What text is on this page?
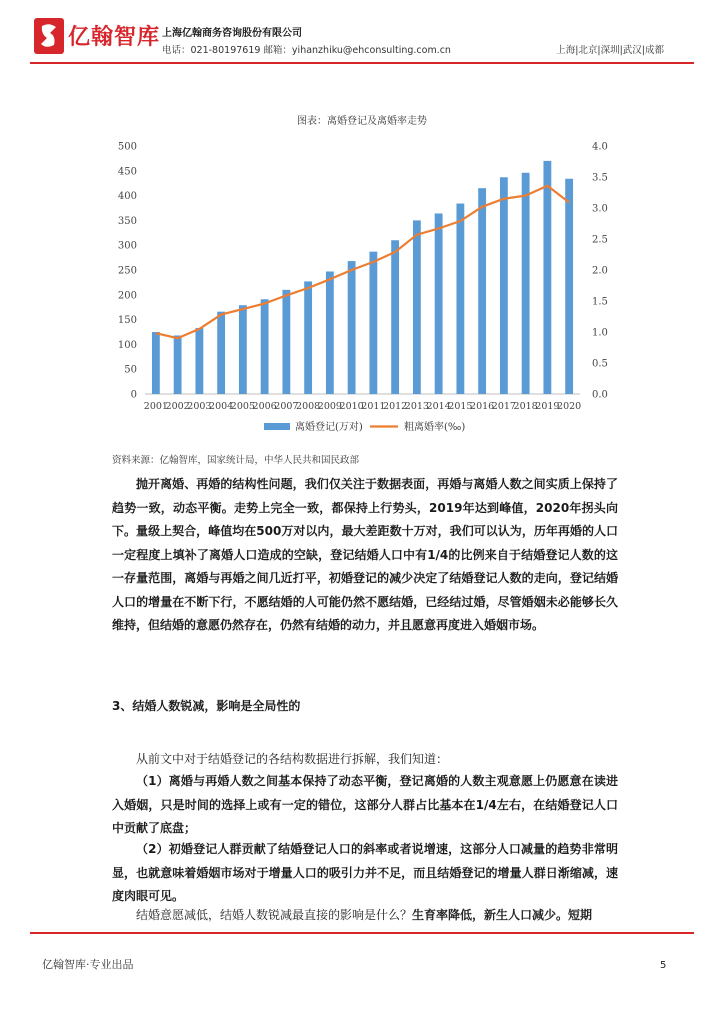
亿翰智库 上海亿翰商务咨询股份有限公司
电话：021-80197619 邮箱：yihanzhiku@ehconsulting.com.cn	上海|北京|深圳|武汉|成都
图表：离婚登记及离婚率走势
0
50
100
150
200
250
300
350
400
450
500
0.0
0.5
1.0
1.5
2.0
2.5
3.0
3.5
4.0
2001
2002
2003
2004
2005
2006
2007
2008
2009
2010
2011
2012
2013
2014
2015
2016
2017
2018
2019
2020
离婚登记(万对)	粗离婚率(‰)
资料来源：亿翰智库，国家统计局，中华人民共和国民政部
抛开离婚、再婚的结构性问题，我们仅关注于数据表面，再婚与离婚人数之间实质上保持了趋势一致，动态平衡。走势上完全一致，都保持上行势头，2019年达到峰值，2020年拐头向下。量级上契合，峰值均在500万对以内，最大差距数十万对，我们可以认为，历年再婚的人口一定程度上填补了离婚人口造成的空缺，登记结婚人口中有1/4的比例来自于结婚登记人数的这一存量范围，离婚与再婚之间几近打平，初婚登记的减少决定了结婚登记人数的走向，登记结婚人口的增量在不断下行，不愿结婚的人可能仍然不愿结婚，已经结过婚，尽管婚姻未必能够长久维持，但结婚的意愿仍然存在，仍然有结婚的动力，并且愿意再度进入婚姻市场。
3、结婚人数锐减，影响是全局性的
从前文中对于结婚登记的各结构数据进行拆解，我们知道：
（1）离婚与再婚人数之间基本保持了动态平衡，登记离婚的人数主观意愿上仍愿意在读进入婚姻，只是时间的选择上或有一定的错位，这部分人群占比基本在1/4左右，在结婚登记人口中贡献了底盘；
（2）初婚登记人群贡献了结婚登记人口的斜率或者说增速，这部分人口减量的趋势非常明显，也就意味着婚姻市场对于增量人口的吸引力并不足，而且结婚登记的增量人群日渐缩减，速度肉眼可见。
结婚意愿减低，结婚人数锐减最直接的影响是什么？生育率降低，新生人口减少。短期
亿翰智库·专业出品	5
